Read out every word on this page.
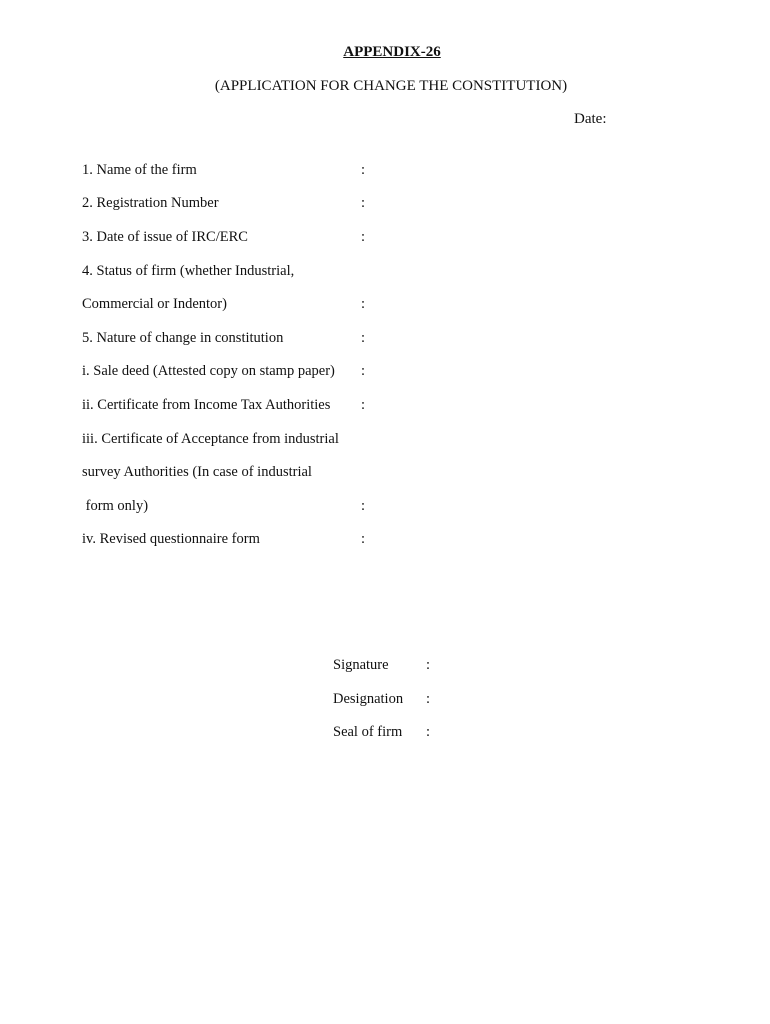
APPENDIX-26
(APPLICATION FOR CHANGE THE CONSTITUTION)
Date:
1. Name of the firm	:
2. Registration Number	:
3. Date of issue of IRC/ERC	:
4. Status of firm (whether Industrial,
Commercial or Indentor)	:
5. Nature of change in constitution	:
i. Sale deed (Attested copy on stamp paper) :
ii. Certificate from Income Tax Authorities :
iii. Certificate of Acceptance from industrial
survey Authorities (In case of industrial
form only)	:
iv. Revised questionnaire form	:
Signature	:
Designation :
Seal of firm :
